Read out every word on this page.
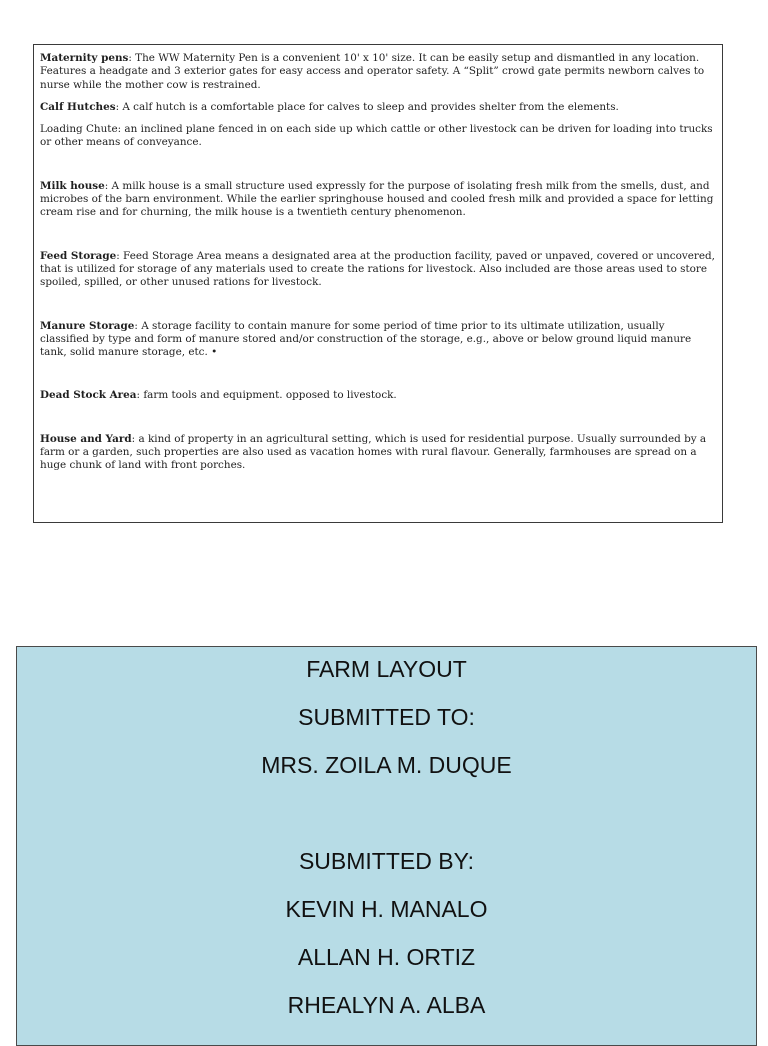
Maternity pens: The WW Maternity Pen is a convenient 10' x 10' size. It can be easily setup and dismantled in any location. Features a headgate and 3 exterior gates for easy access and operator safety. A “Split” crowd gate permits newborn calves to nurse while the mother cow is restrained.

Calf Hutches: A calf hutch is a comfortable place for calves to sleep and provides shelter from the elements.

Loading Chute: an inclined plane fenced in on each side up which cattle or other livestock can be driven for loading into trucks or other means of conveyance.

Milk house: A milk house is a small structure used expressly for the purpose of isolating fresh milk from the smells, dust, and microbes of the barn environment. While the earlier springhouse housed and cooled fresh milk and provided a space for letting cream rise and for churning, the milk house is a twentieth century phenomenon.

Feed Storage: Feed Storage Area means a designated area at the production facility, paved or unpaved, covered or uncovered, that is utilized for storage of any materials used to create the rations for livestock. Also included are those areas used to store spoiled, spilled, or other unused rations for livestock.

Manure Storage: A storage facility to contain manure for some period of time prior to its ultimate utilization, usually classified by type and form of manure stored and/or construction of the storage, e.g., above or below ground liquid manure tank, solid manure storage, etc. •

Dead Stock Area: farm tools and equipment. opposed to livestock.

House and Yard: a kind of property in an agricultural setting, which is used for residential purpose. Usually surrounded by a farm or a garden, such properties are also used as vacation homes with rural flavour. Generally, farmhouses are spread on a huge chunk of land with front porches.

FARM LAYOUT
SUBMITTED TO:
MRS. ZOILA M. DUQUE
SUBMITTED BY:
KEVIN H. MANALO
ALLAN H. ORTIZ
RHEALYN A. ALBA
